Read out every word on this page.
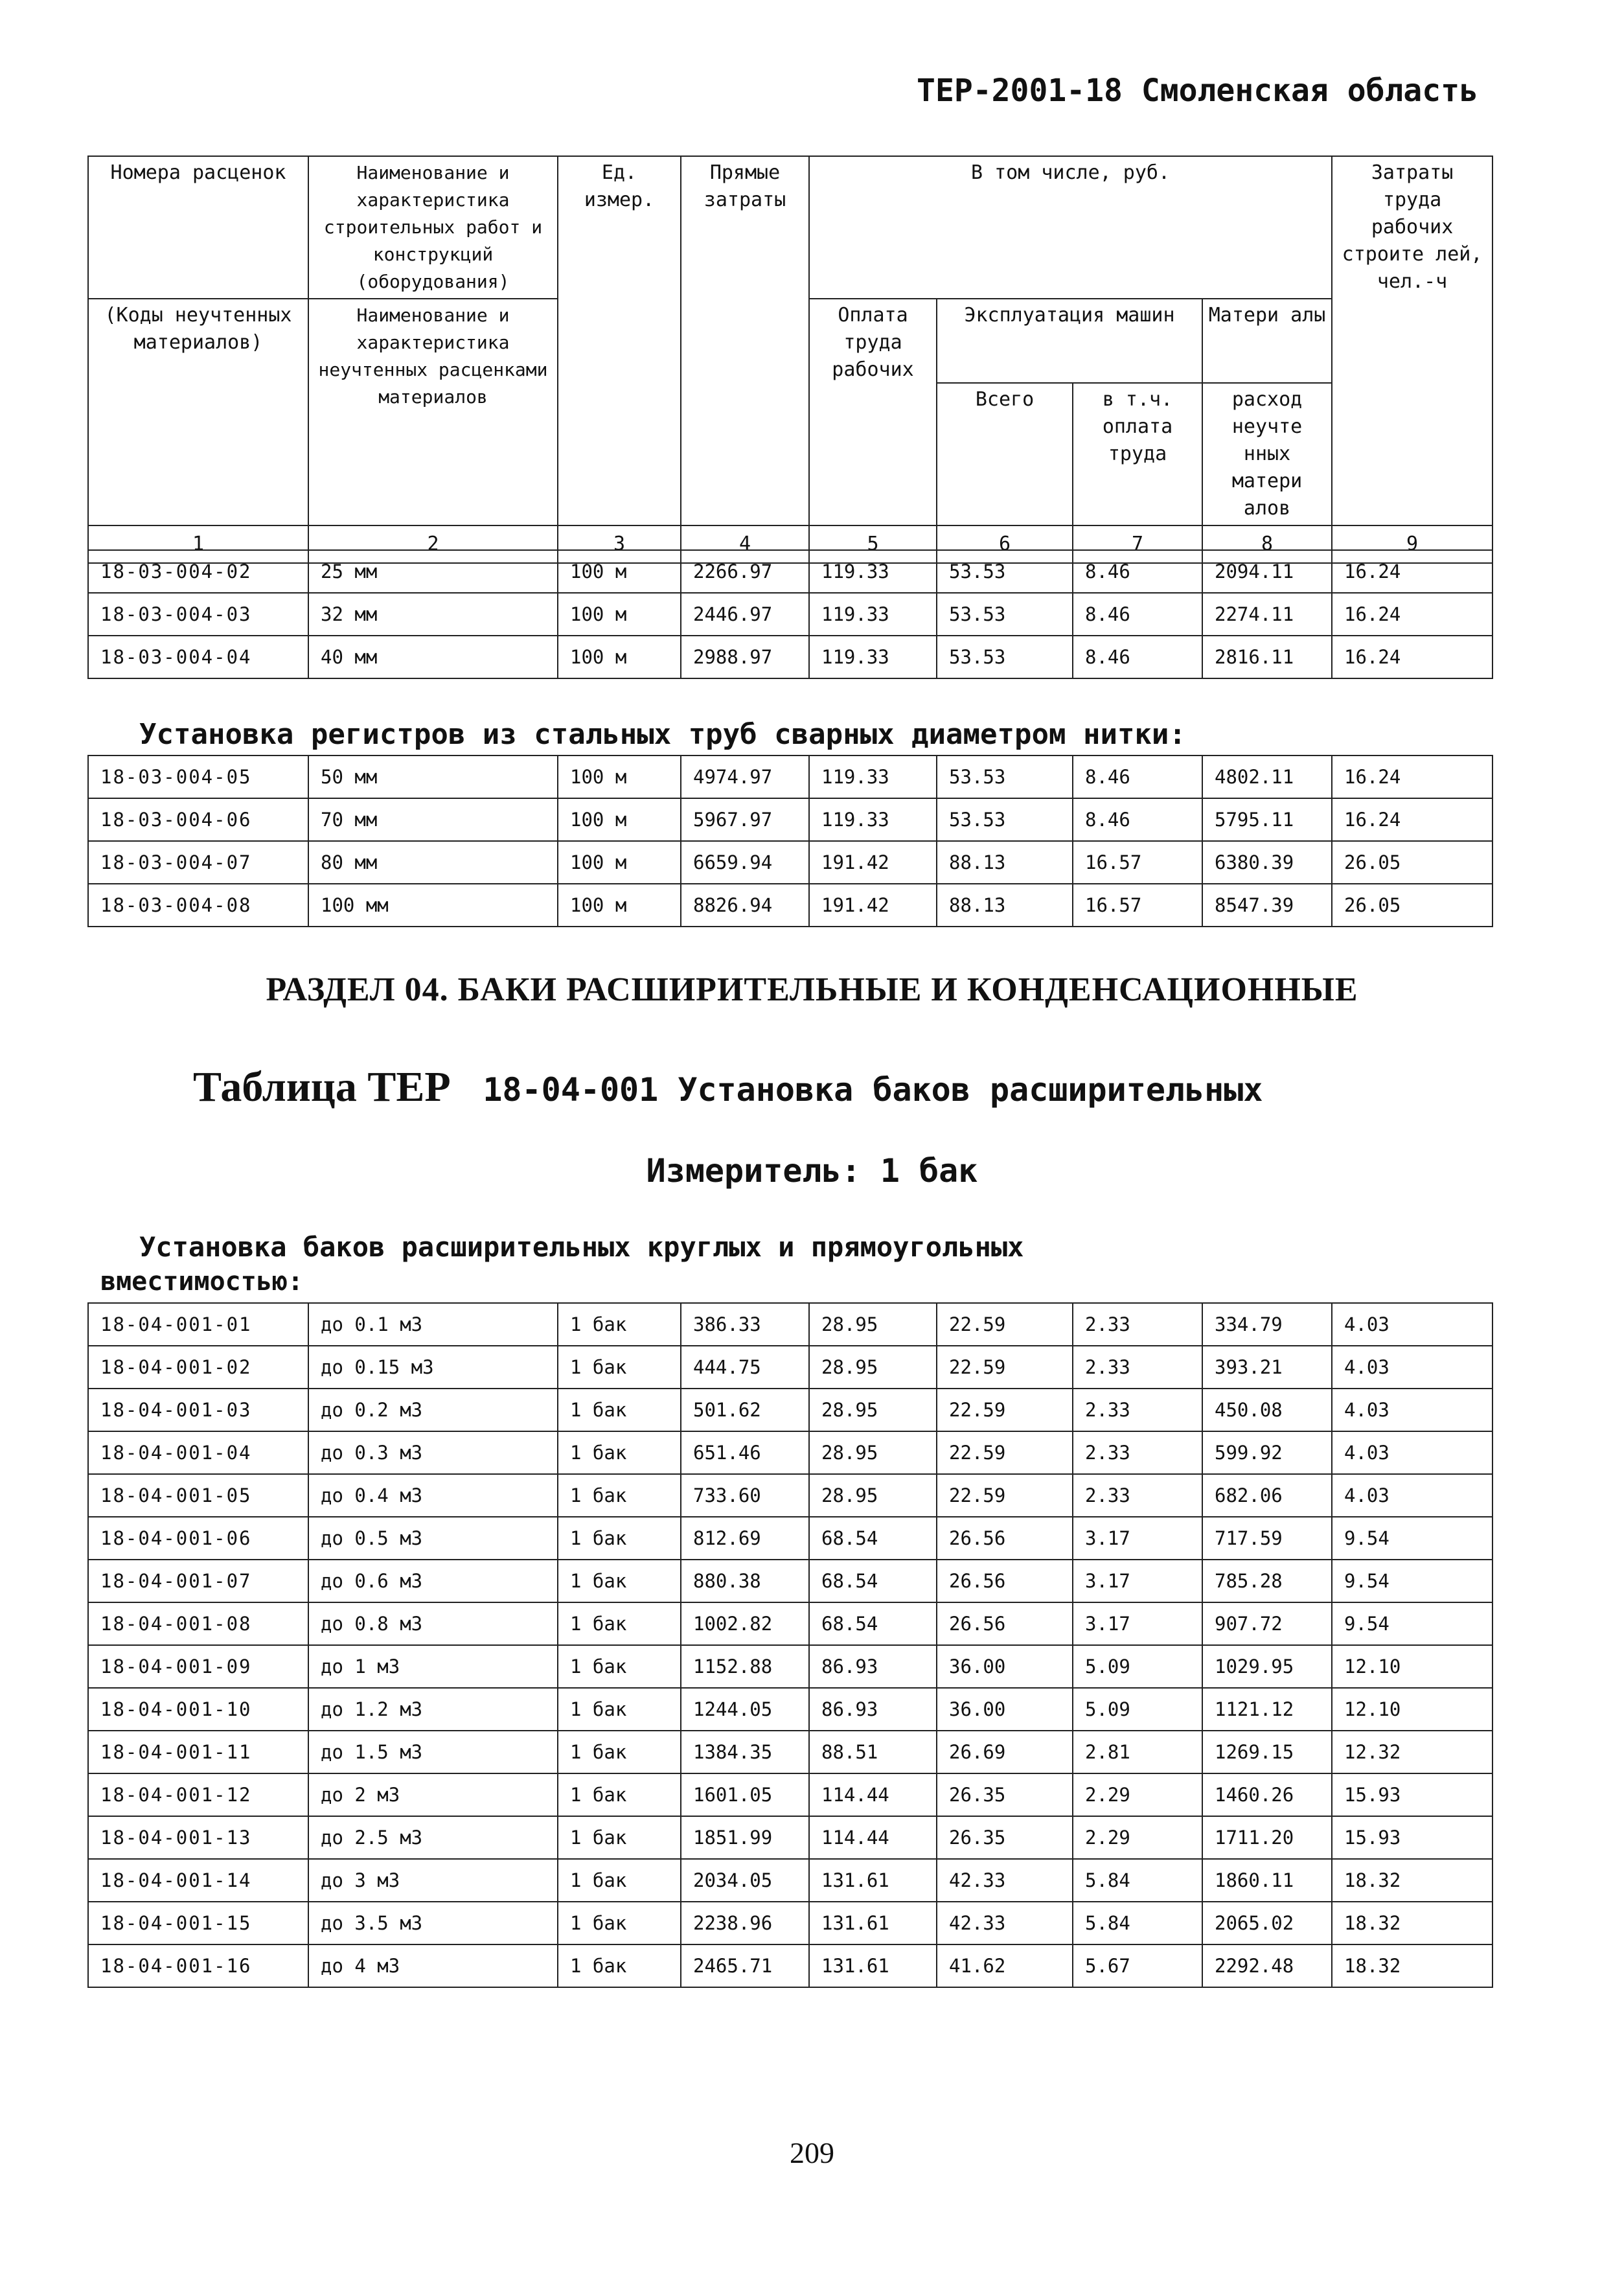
ТЕР-2001-18 Смоленская область
Номера расценок	Наименование и характеристика строительных работ и конструкций (оборудования)	Ед. измер.	Прямые затраты	В том числе, руб.				Затраты труда рабочих строите лей, чел.-ч
(Коды неучтенных материалов)	Наименование и характеристика неучтенных расценками материалов			Оплата труда рабочих	Эксплуатация машин		Матери алы	
					Всего	в т.ч. оплата труда	расход неучте нных матери алов	
1	2	3	4	5	6	7	8	9
18-03-004-02	25 мм	100 м	2266.97	119.33	53.53	8.46	2094.11	16.24
18-03-004-03	32 мм	100 м	2446.97	119.33	53.53	8.46	2274.11	16.24
18-03-004-04	40 мм	100 м	2988.97	119.33	53.53	8.46	2816.11	16.24
Установка регистров из стальных труб сварных диаметром нитки:
18-03-004-05	50 мм	100 м	4974.97	119.33	53.53	8.46	4802.11	16.24
18-03-004-06	70 мм	100 м	5967.97	119.33	53.53	8.46	5795.11	16.24
18-03-004-07	80 мм	100 м	6659.94	191.42	88.13	16.57	6380.39	26.05
18-03-004-08	100 мм	100 м	8826.94	191.42	88.13	16.57	8547.39	26.05
РАЗДЕЛ 04. БАКИ РАСШИРИТЕЛЬНЫЕ И КОНДЕНСАЦИОННЫЕ
Таблица ТЕР 18-04-001 Установка баков расширительных
Измеритель: 1 бак
Установка баков расширительных круглых и прямоугольных
вместимостью:
18-04-001-01	до 0.1 м3	1 бак	386.33	28.95	22.59	2.33	334.79	4.03
18-04-001-02	до 0.15 м3	1 бак	444.75	28.95	22.59	2.33	393.21	4.03
18-04-001-03	до 0.2 м3	1 бак	501.62	28.95	22.59	2.33	450.08	4.03
18-04-001-04	до 0.3 м3	1 бак	651.46	28.95	22.59	2.33	599.92	4.03
18-04-001-05	до 0.4 м3	1 бак	733.60	28.95	22.59	2.33	682.06	4.03
18-04-001-06	до 0.5 м3	1 бак	812.69	68.54	26.56	3.17	717.59	9.54
18-04-001-07	до 0.6 м3	1 бак	880.38	68.54	26.56	3.17	785.28	9.54
18-04-001-08	до 0.8 м3	1 бак	1002.82	68.54	26.56	3.17	907.72	9.54
18-04-001-09	до 1 м3	1 бак	1152.88	86.93	36.00	5.09	1029.95	12.10
18-04-001-10	до 1.2 м3	1 бак	1244.05	86.93	36.00	5.09	1121.12	12.10
18-04-001-11	до 1.5 м3	1 бак	1384.35	88.51	26.69	2.81	1269.15	12.32
18-04-001-12	до 2 м3	1 бак	1601.05	114.44	26.35	2.29	1460.26	15.93
18-04-001-13	до 2.5 м3	1 бак	1851.99	114.44	26.35	2.29	1711.20	15.93
18-04-001-14	до 3 м3	1 бак	2034.05	131.61	42.33	5.84	1860.11	18.32
18-04-001-15	до 3.5 м3	1 бак	2238.96	131.61	42.33	5.84	2065.02	18.32
18-04-001-16	до 4 м3	1 бак	2465.71	131.61	41.62	5.67	2292.48	18.32
209
